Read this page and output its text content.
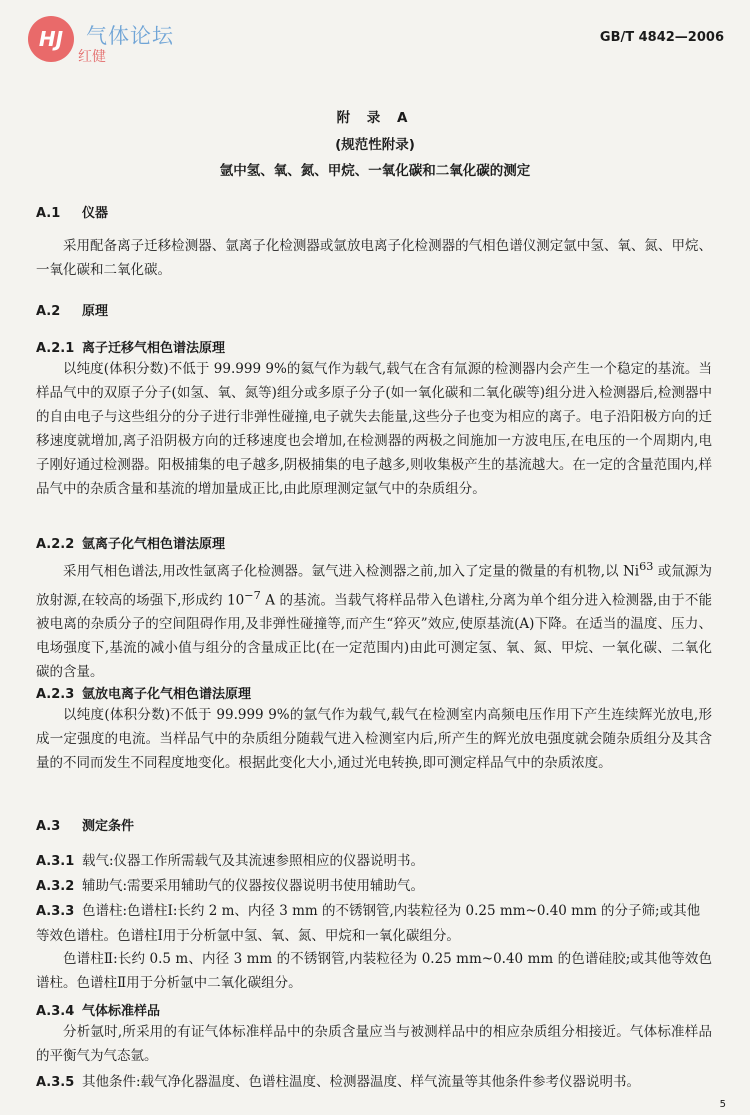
HJ	气体论坛
红健
GB/T 4842—2006
附 录 A
(规范性附录)
氩中氢、氧、氮、甲烷、一氧化碳和二氧化碳的测定
A.1 仪器

采用配备离子迁移检测器、氩离子化检测器或氩放电离子化检测器的气相色谱仪测定氩中氢、氧、氮、甲烷、一氧化碳和二氧化碳。

A.2 原理
A.2.1 离子迁移气相色谱法原理

以纯度(体积分数)不低于 99.999 9%的氦气作为载气,载气在含有氚源的检测器内会产生一个稳定的基流。当样品气中的双原子分子(如氢、氧、氮等)组分或多原子分子(如一氧化碳和二氧化碳等)组分进入检测器后,检测器中的自由电子与这些组分的分子进行非弹性碰撞,电子就失去能量,这些分子也变为相应的离子。电子沿阳极方向的迁移速度就增加,离子沿阴极方向的迁移速度也会增加,在检测器的两极之间施加一方波电压,在电压的一个周期内,电子刚好通过检测器。阳极捕集的电子越多,阴极捕集的电子越多,则收集极产生的基流越大。在一定的含量范围内,样品气中的杂质含量和基流的增加量成正比,由此原理测定氩气中的杂质组分。

A.2.2 氩离子化气相色谱法原理

采用气相色谱法,用改性氩离子化检测器。氩气进入检测器之前,加入了定量的微量的有机物,以 Ni$^{63}$ 或氚源为放射源,在较高的场强下,形成约 $10^{-7}$ A 的基流。当载气将样品带入色谱柱,分离为单个组分进入检测器,由于不能被电离的杂质分子的空间阻碍作用,及非弹性碰撞等,而产生“猝灭”效应,使原基流(A)下降。在适当的温度、压力、电场强度下,基流的减小值与组分的含量成正比(在一定范围内)由此可测定氢、氧、氮、甲烷、一氧化碳、二氧化碳的含量。

A.2.3 氩放电离子化气相色谱法原理

以纯度(体积分数)不低于 99.999 9%的氩气作为载气,载气在检测室内高频电压作用下产生连续辉光放电,形成一定强度的电流。当样品气中的杂质组分随载气进入检测室内后,所产生的辉光放电强度就会随杂质组分及其含量的不同而发生不同程度地变化。根据此变化大小,通过光电转换,即可测定样品气中的杂质浓度。

A.3 测定条件

A.3.1 载气:仪器工作所需载气及其流速参照相应的仪器说明书。

A.3.2 辅助气:需要采用辅助气的仪器按仪器说明书使用辅助气。

A.3.3 色谱柱:色谱柱Ⅰ:长约 2 m、内径 3 mm 的不锈钢管,内装粒径为 0.25 mm~0.40 mm 的分子筛;或其他等效色谱柱。色谱柱Ⅰ用于分析氩中氢、氧、氮、甲烷和一氧化碳组分。

色谱柱Ⅱ:长约 0.5 m、内径 3 mm 的不锈钢管,内装粒径为 0.25 mm~0.40 mm 的色谱硅胶;或其他等效色谱柱。色谱柱Ⅱ用于分析氩中二氧化碳组分。

A.3.4 气体标准样品

分析氩时,所采用的有证气体标准样品中的杂质含量应当与被测样品中的相应杂质组分相接近。气体标准样品的平衡气为气态氩。

A.3.5 其他条件:载气净化器温度、色谱柱温度、检测器温度、样气流量等其他条件参考仪器说明书。

5
